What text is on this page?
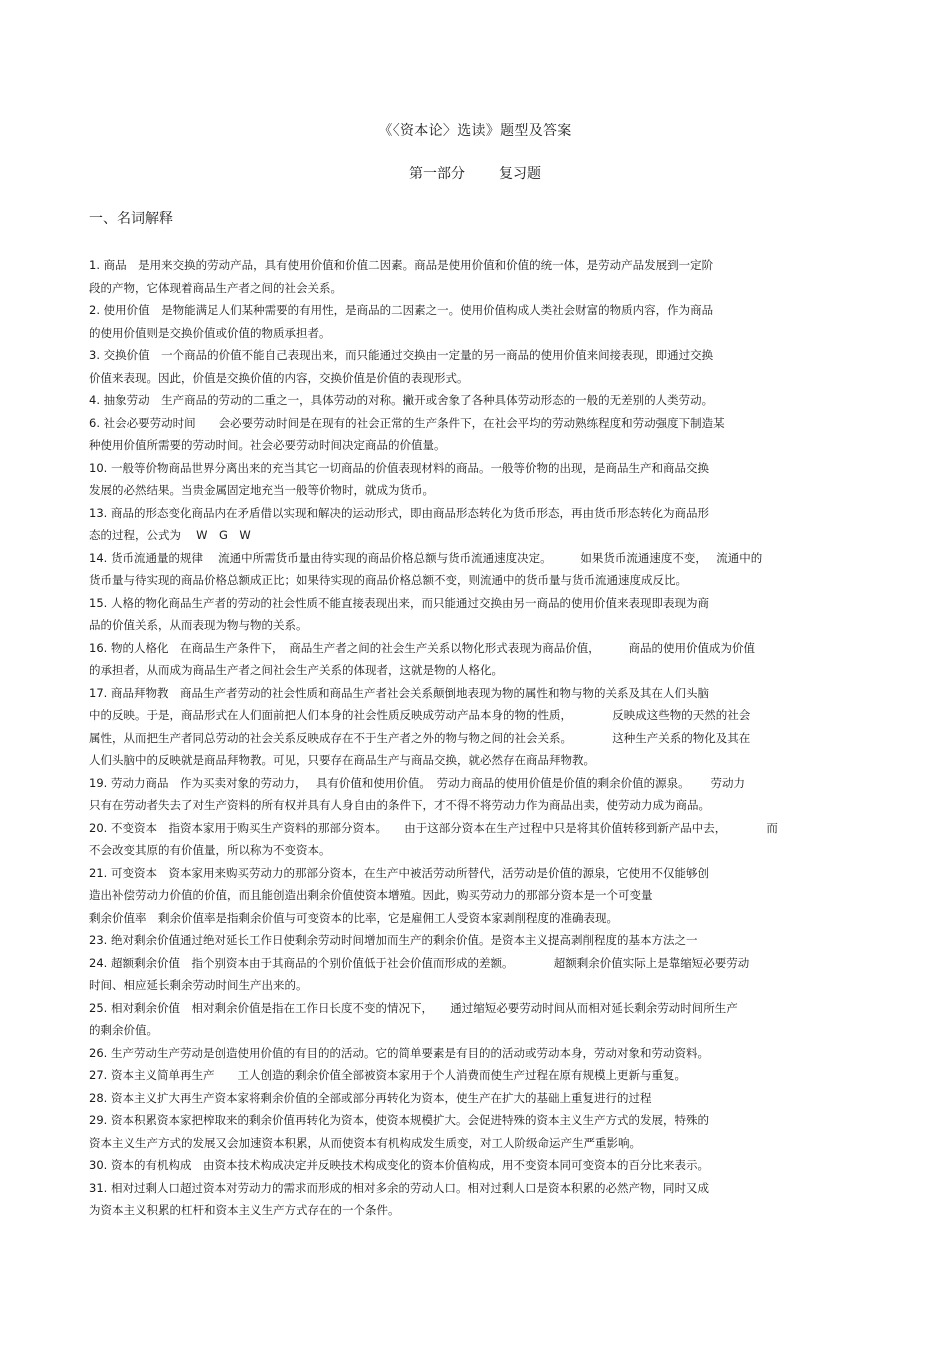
《〈资本论〉选读》题型及答案
第一部分 复习题
一、名词解释
1. 商品　是用来交换的劳动产品，具有使用价值和价值二因素。商品是使用价值和价值的统一体，是劳动产品发展到一定阶
段的产物，它体现着商品生产者之间的社会关系。
2. 使用价值　是物能满足人们某种需要的有用性，是商品的二因素之一。使用价值构成人类社会财富的物质内容，作为商品
的使用价值则是交换价值或价值的物质承担者。
3. 交换价值　一个商品的价值不能自己表现出来，而只能通过交换由一定量的另一商品的使用价值来间接表现，即通过交换
价值来表现。因此，价值是交换价值的内容，交换价值是价值的表现形式。
4. 抽象劳动　生产商品的劳动的二重之一，具体劳动的对称。撇开或舍象了各种具体劳动形态的一般的无差别的人类劳动。
6. 社会必要劳动时间　　会必要劳动时间是在现有的社会正常的生产条件下，在社会平均的劳动熟练程度和劳动强度下制造某
种使用价值所需要的劳动时间。社会必要劳动时间决定商品的价值量。
10. 一般等价物商品世界分离出来的充当其它一切商品的价值表现材料的商品。一般等价物的出现，是商品生产和商品交换
发展的必然结果。当贵金属固定地充当一般等价物时，就成为货币。
13. 商品的形态变化商品内在矛盾借以实现和解决的运动形式，即由商品形态转化为货币形态，再由货币形态转化为商品形
态的过程，公式为　 W　G　W
14. 货币流通量的规律　 流通中所需货币量由待实现的商品价格总额与货币流通速度决定。　　　如果货币流通速度不变，　 流通中的
货币量与待实现的商品价格总额成正比；如果待实现的商品价格总额不变，则流通中的货币量与货币流通速度成反比。
15. 人格的物化商品生产者的劳动的社会性质不能直接表现出来，而只能通过交换由另一商品的使用价值来表现即表现为商
品的价值关系，从而表现为物与物的关系。
16. 物的人格化　在商品生产条件下，　商品生产者之间的社会生产关系以物化形式表现为商品价值，　　　商品的使用价值成为价值
的承担者，从而成为商品生产者之间社会生产关系的体现者，这就是物的人格化。
17. 商品拜物教　商品生产者劳动的社会性质和商品生产者社会关系颠倒地表现为物的属性和物与物的关系及其在人们头脑
中的反映。于是，商品形式在人们面前把人们本身的社会性质反映成劳动产品本身的物的性质，　　　　反映成这些物的天然的社会
属性，从而把生产者同总劳动的社会关系反映成存在不于生产者之外的物与物之间的社会关系。　　　　这种生产关系的物化及其在
人们头脑中的反映就是商品拜物教。可见，只要存在商品生产与商品交换，就必然存在商品拜物教。
19. 劳动力商品　作为买卖对象的劳动力，　 具有价值和使用价值。　劳动力商品的使用价值是价值的剩余价值的源泉。　　 劳动力
只有在劳动者失去了对生产资料的所有权并具有人身自由的条件下，才不得不将劳动力作为商品出卖，使劳动力成为商品。
20. 不变资本　指资本家用于购买生产资料的那部分资本。　　由于这部分资本在生产过程中只是将其价值转移到新产品中去，　　　　而
不会改变其原的有价值量，所以称为不变资本。
21. 可变资本　资本家用来购买劳动力的那部分资本，在生产中被活劳动所替代，活劳动是价值的源泉，它使用不仅能够创
造出补偿劳动力价值的价值，而且能创造出剩余价值使资本增殖。因此，购买劳动力的那部分资本是一个可变量
剩余价值率　剩余价值率是指剩余价值与可变资本的比率，它是雇佣工人受资本家剥削程度的准确表现。
23. 绝对剩余价值通过绝对延长工作日使剩余劳动时间增加而生产的剩余价值。是资本主义提高剥削程度的基本方法之一
24. 超额剩余价值　指个别资本由于其商品的个别价值低于社会价值而形成的差额。　　　　超额剩余价值实际上是靠缩短必要劳动
时间、相应延长剩余劳动时间生产出来的。
25. 相对剩余价值　相对剩余价值是指在工作日长度不变的情况下，　　通过缩短必要劳动时间从而相对延长剩余劳动时间所生产
的剩余价值。
26. 生产劳动生产劳动是创造使用价值的有目的的活动。它的简单要素是有目的的活动或劳动本身，劳动对象和劳动资料。
27. 资本主义简单再生产　　工人创造的剩余价值全部被资本家用于个人消费而使生产过程在原有规模上更新与重复。
28. 资本主义扩大再生产资本家将剩余价值的全部或部分再转化为资本，使生产在扩大的基础上重复进行的过程
29. 资本积累资本家把榨取来的剩余价值再转化为资本，使资本规模扩大。会促进特殊的资本主义生产方式的发展，特殊的
资本主义生产方式的发展又会加速资本积累，从而使资本有机构成发生质变，对工人阶级命运产生严重影响。
30. 资本的有机构成　由资本技术构成决定并反映技术构成变化的资本价值构成，用不变资本同可变资本的百分比来表示。
31. 相对过剩人口超过资本对劳动力的需求而形成的相对多余的劳动人口。相对过剩人口是资本积累的必然产物，同时又成
为资本主义积累的杠杆和资本主义生产方式存在的一个条件。
